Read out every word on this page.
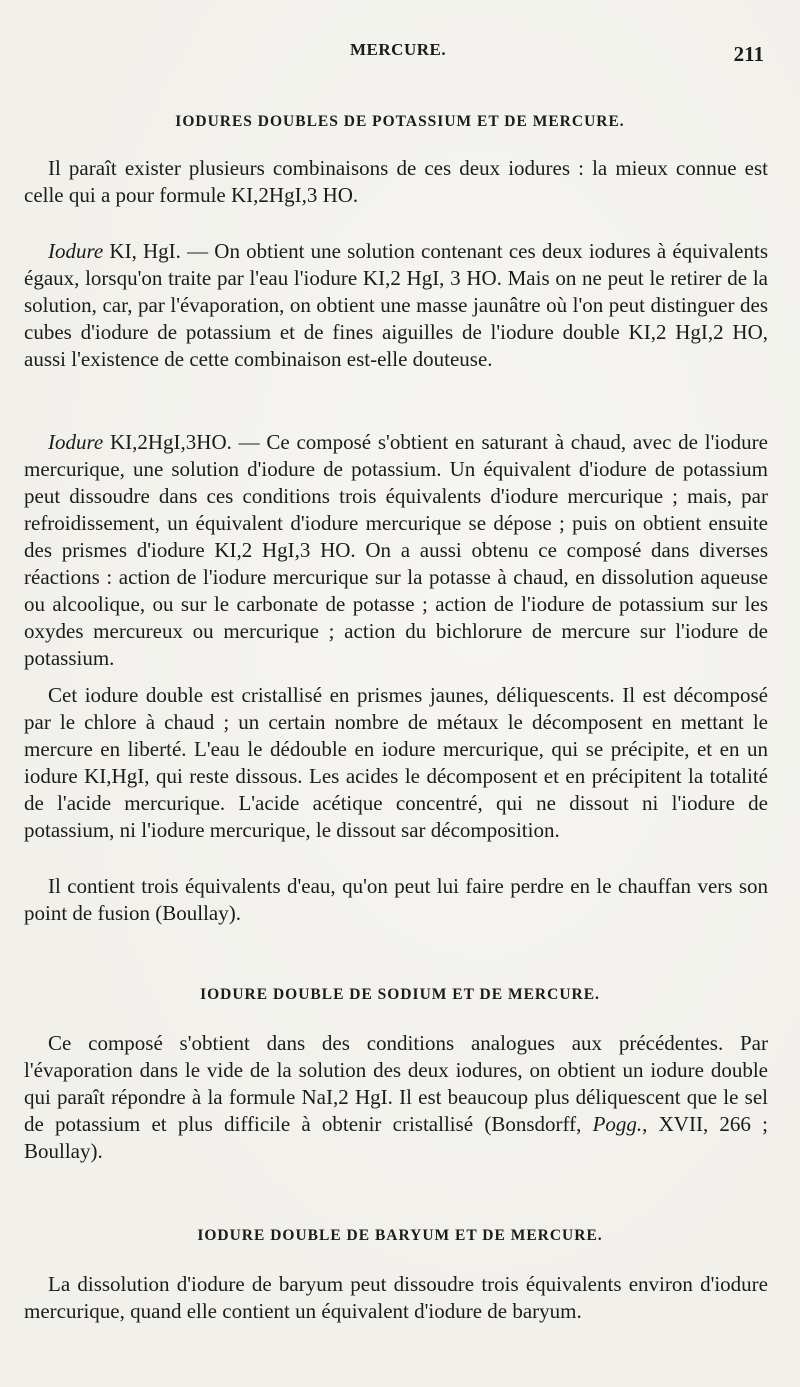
MERCURE.	211
IODURES DOUBLES DE POTASSIUM ET DE MERCURE.

Il paraît exister plusieurs combinaisons de ces deux iodures : la mieux connue est celle qui a pour formule KI,2HgI,3 HO.

Iodure KI, HgI. — On obtient une solution contenant ces deux iodures à équivalents égaux, lorsqu'on traite par l'eau l'iodure KI,2 HgI, 3 HO. Mais on ne peut le retirer de la solution, car, par l'évaporation, on obtient une masse jaunâtre où l'on peut distinguer des cubes d'iodure de potassium et de fines aiguilles de l'iodure double KI,2 HgI,2 HO, aussi l'existence de cette combinaison est-elle douteuse.

Iodure KI,2HgI,3HO. — Ce composé s'obtient en saturant à chaud, avec de l'iodure mercurique, une solution d'iodure de potassium. Un équivalent d'iodure de potassium peut dissoudre dans ces conditions trois équivalents d'iodure mercurique ; mais, par refroidissement, un équivalent d'iodure mercurique se dépose ; puis on obtient ensuite des prismes d'iodure KI,2 HgI,3 HO. On a aussi obtenu ce composé dans diverses réactions : action de l'iodure mercurique sur la potasse à chaud, en dissolution aqueuse ou alcoolique, ou sur le carbonate de potasse ; action de l'iodure de potassium sur les oxydes mercureux ou mercurique ; action du bichlorure de mercure sur l'iodure de potassium.

Cet iodure double est cristallisé en prismes jaunes, déliquescents. Il est décomposé par le chlore à chaud ; un certain nombre de métaux le décomposent en mettant le mercure en liberté. L'eau le dédouble en iodure mercurique, qui se précipite, et en un iodure KI,HgI, qui reste dissous. Les acides le décomposent et en précipitent la totalité de l'acide mercurique. L'acide acétique concentré, qui ne dissout ni l'iodure de potassium, ni l'iodure mercurique, le dissout sar décomposition.

Il contient trois équivalents d'eau, qu'on peut lui faire perdre en le chauffan vers son point de fusion (Boullay).

IODURE DOUBLE DE SODIUM ET DE MERCURE.

Ce composé s'obtient dans des conditions analogues aux précédentes. Par l'évaporation dans le vide de la solution des deux iodures, on obtient un iodure double qui paraît répondre à la formule NaI,2 HgI. Il est beaucoup plus déliquescent que le sel de potassium et plus difficile à obtenir cristallisé (Bonsdorff, Pogg., XVII, 266 ; Boullay).

IODURE DOUBLE DE BARYUM ET DE MERCURE.

La dissolution d'iodure de baryum peut dissoudre trois équivalents environ d'iodure mercurique, quand elle contient un équivalent d'iodure de baryum.
